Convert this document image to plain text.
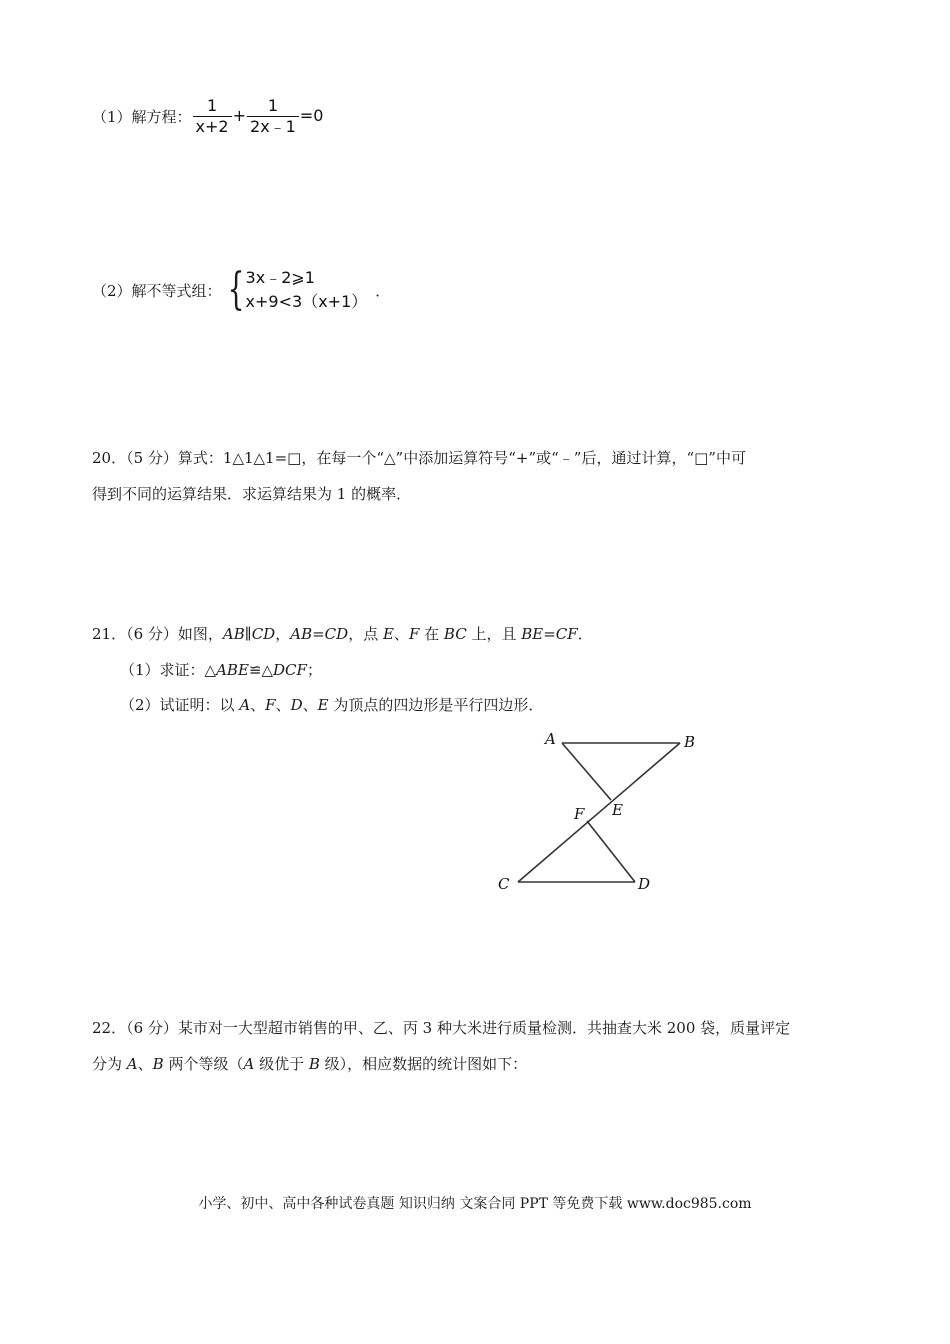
（1）解方程： $\frac{1}{x+2} + \frac{1}{2x﹣1} =0$
（2）解不等式组： { 3x﹣2⩾1
x+9<3（x+1）
．
20．（5 分）算式：1△1△1=□，在每一个“△”中添加运算符号“+”或“﹣”后，通过计算，“□”中可
得到不同的运算结果．求运算结果为 1 的概率．
21．（6 分）如图，AB∥CD，AB=CD，点 E、F 在 BC 上，且 BE=CF．
（1）求证：△ABE≌△DCF；
（2）试证明：以 A、F、D、E 为顶点的四边形是平行四边形．
A	B
E
F
C	D
22．（6 分）某市对一大型超市销售的甲、乙、丙 3 种大米进行质量检测．共抽查大米 200 袋，质量评定
分为 A、B 两个等级（A 级优于 B 级），相应数据的统计图如下：
小学、初中、高中各种试卷真题 知识归纳 文案合同 PPT 等免费下载 www.doc985.com
